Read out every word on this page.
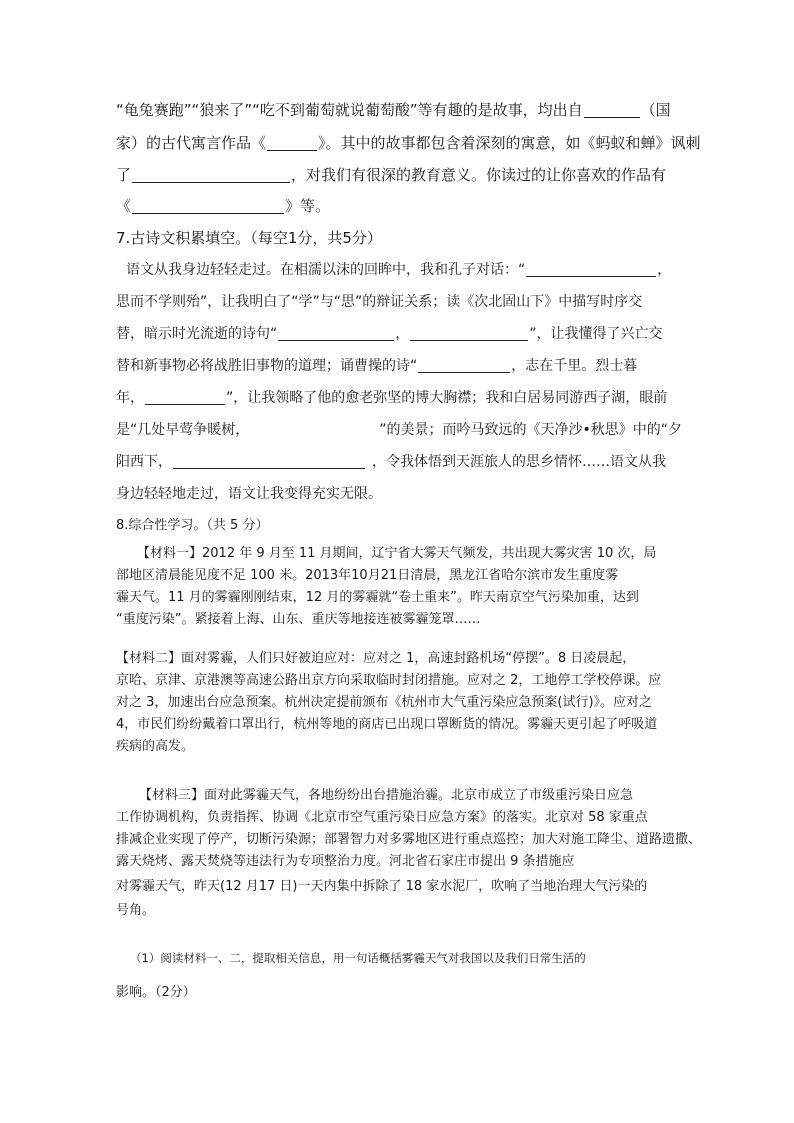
“龟兔赛跑”“狼来了”“吃不到葡萄就说葡萄酸”等有趣的是故事，均出自	（国
家）的古代寓言作品《	》。其中的故事都包含着深刻的寓意，如《蚂蚁和蝉》讽刺
了	，对我们有很深的教育意义。你读过的让你喜欢的作品有
《	》等。
7.古诗文积累填空。（每空1分，共5分）
语文从我身边轻轻走过。在相濡以沫的回眸中，我和孔子对话：“	，
思而不学则殆”，让我明白了“学”与“思”的辩证关系；读《次北固山下》中描写时序交
替，暗示时光流逝的诗句“	，	”，让我懂得了兴亡交
替和新事物必将战胜旧事物的道理；诵曹操的诗“	，志在千里。烈士暮
年，	”，让我领略了他的愈老弥坚的博大胸襟；我和白居易同游西子湖，眼前
是“几处早莺争暖树，	”的美景；而吟马致远的《天净沙•秋思》中的“夕
阳西下，	，令我体悟到天涯旅人的思乡情怀……语文从我
身边轻轻地走过，语文让我变得充实无限。
8.综合性学习。（共 5 分）
【材料一】2012 年 9 月至 11 月期间，辽宁省大雾天气频发，共出现大雾灾害 10 次，局
部地区清晨能见度不足 100 米。2013年10月21日清晨，黑龙江省哈尔滨市发生重度雾
霾天气。11 月的雾霾刚刚结束，12 月的雾霾就“卷土重来”。昨天南京空气污染加重，达到
“重度污染”。紧接着上海、山东、重庆等地接连被雾霾笼罩……
【材料二】面对雾霾，人们只好被迫应对：应对之 1，高速封路机场“停摆”。8 日凌晨起，
京哈、京津、京港澳等高速公路出京方向采取临时封闭措施。应对之 2，工地停工学校停课。应
对之 3，加速出台应急预案。杭州决定提前颁布《杭州市大气重污染应急预案(试行)》。应对之
4，市民们纷纷戴着口罩出行，杭州等地的商店已出现口罩断货的情况。雾霾天更引起了呼吸道
疾病的高发。
【材料三】面对此雾霾天气，各地纷纷出台措施治霾。北京市成立了市级重污染日应急
工作协调机构，负责指挥、协调《北京市空气重污染日应急方案》的落实。北京对 58 家重点
排减企业实现了停产，切断污染源；部署智力对多雾地区进行重点巡控；加大对施工降尘、道路遗撒、
露天烧烤、露天焚烧等违法行为专项整治力度。河北省石家庄市提出 9 条措施应
对雾霾天气，昨天(12 月17 日)一天内集中拆除了 18 家水泥厂，吹响了当地治理大气污染的
号角。
（1）阅读材料一、二，提取相关信息，用一句话概括雾霾天气对我国以及我们日常生活的
影响。（2分）
